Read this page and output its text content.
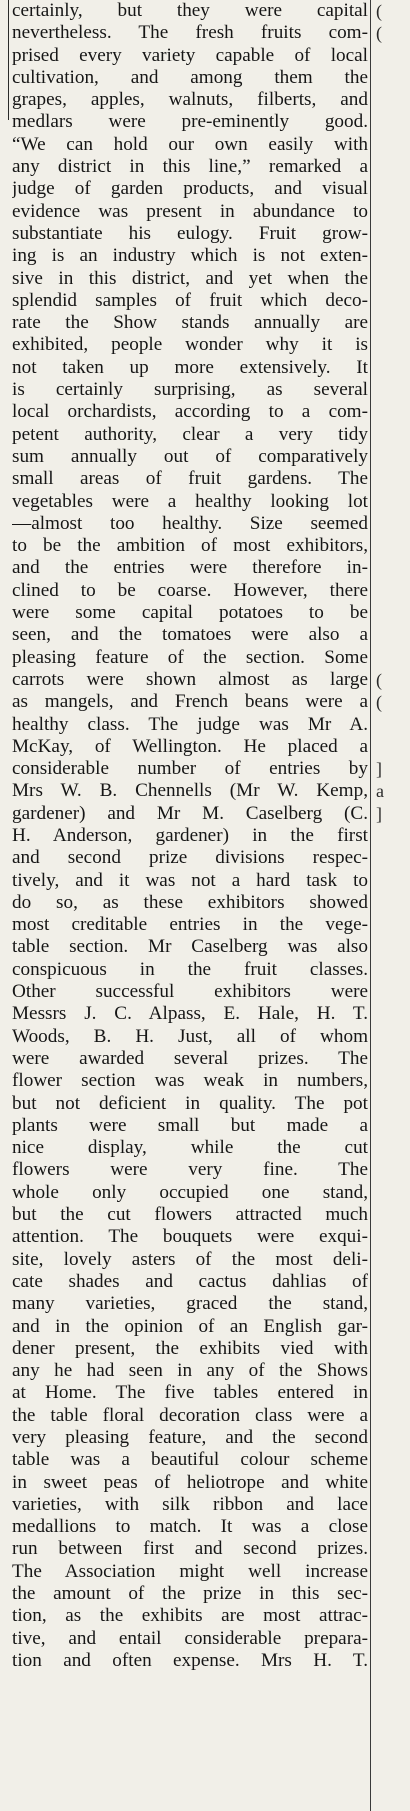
certainly, but they were capital
nevertheless. The fresh fruits com-
prised every variety capable of local
cultivation, and among them the
grapes, apples, walnuts, filberts, and
medlars were pre-eminently good.
“We can hold our own easily with
any district in this line,” remarked a
judge of garden products, and visual
evidence was present in abundance to
substantiate his eulogy. Fruit grow-
ing is an industry which is not exten-
sive in this district, and yet when the
splendid samples of fruit which deco-
rate the Show stands annually are
exhibited, people wonder why it is
not taken up more extensively. It
is certainly surprising, as several
local orchardists, according to a com-
petent authority, clear a very tidy
sum annually out of comparatively
small areas of fruit gardens. The
vegetables were a healthy looking lot
—almost too healthy. Size seemed
to be the ambition of most exhibitors,
and the entries were therefore in-
clined to be coarse. However, there
were some capital potatoes to be
seen, and the tomatoes were also a
pleasing feature of the section. Some
carrots were shown almost as large
as mangels, and French beans were a
healthy class. The judge was Mr A.
McKay, of Wellington. He placed a
considerable number of entries by
Mrs W. B. Chennells (Mr W. Kemp,
gardener) and Mr M. Caselberg (C.
H. Anderson, gardener) in the first
and second prize divisions respec-
tively, and it was not a hard task to
do so, as these exhibitors showed
most creditable entries in the vege-
table section. Mr Caselberg was also
conspicuous in the fruit classes.
Other successful exhibitors were
Messrs J. C. Alpass, E. Hale, H. T.
Woods, B. H. Just, all of whom
were awarded several prizes. The
flower section was weak in numbers,
but not deficient in quality. The pot
plants were small but made a
nice display, while the cut
flowers were very fine. The
whole only occupied one stand,
but the cut flowers attracted much
attention. The bouquets were exqui-
site, lovely asters of the most deli-
cate shades and cactus dahlias of
many varieties, graced the stand,
and in the opinion of an English gar-
dener present, the exhibits vied with
any he had seen in any of the Shows
at Home. The five tables entered in
the table floral decoration class were a
very pleasing feature, and the second
table was a beautiful colour scheme
in sweet peas of heliotrope and white
varieties, with silk ribbon and lace
medallions to match. It was a close
run between first and second prizes.
The Association might well increase
the amount of the prize in this sec-
tion, as the exhibits are most attrac-
tive, and entail considerable prepara-
tion and often expense. Mrs H. T.
(
(

(
(

]
a
]
